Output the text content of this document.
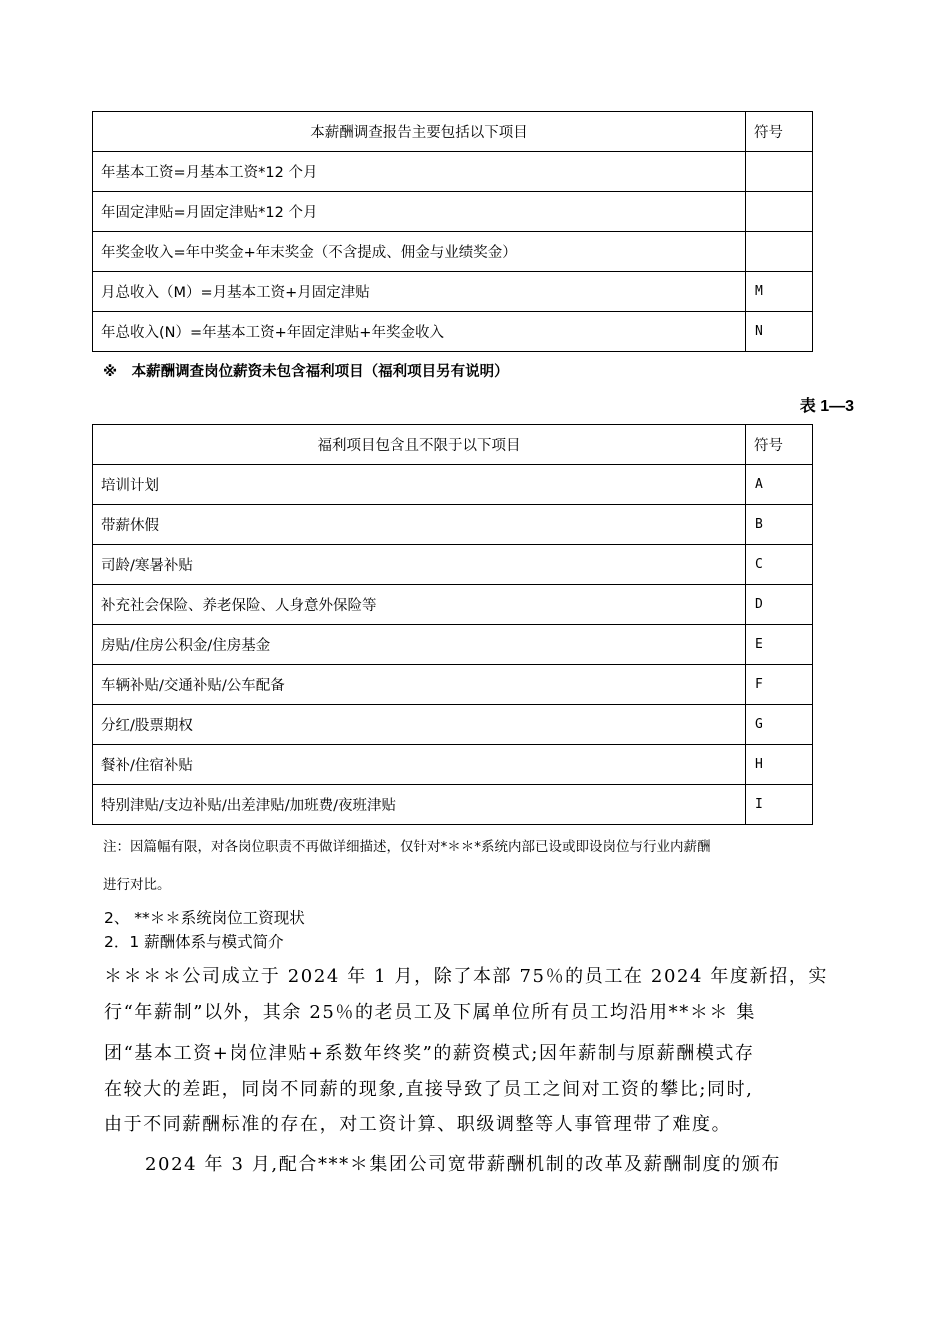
本薪酬调查报告主要包括以下项目	符号
年基本工资=月基本工资*12 个月	
年固定津贴=月固定津贴*12 个月	
年奖金收入=年中奖金+年末奖金（不含提成、佣金与业绩奖金）	
月总收入（M）=月基本工资+月固定津贴	M
年总收入(N）=年基本工资+年固定津贴+年奖金收入	N
※　本薪酬调查岗位薪资未包含福利项目（福利项目另有说明）
表 1—3
福利项目包含且不限于以下项目	符号
培训计划	A
带薪休假	B
司龄/寒暑补贴	C
补充社会保险、养老保险、人身意外保险等	D
房贴/住房公积金/住房基金	E
车辆补贴/交通补贴/公车配备	F
分红/股票期权	G
餐补/住宿补贴	H
特别津贴/支边补贴/出差津贴/加班费/夜班津贴	I
注：因篇幅有限，对各岗位职责不再做详细描述，仅针对*＊＊*系统内部已设或即设岗位与行业内薪酬
进行对比。
2、 **＊＊系统岗位工资现状
2．1 薪酬体系与模式简介
＊＊＊＊公司成立于 2024 年 1 月，除了本部 75％的员工在 2024 年度新招，实
行“年薪制”以外，其余 25％的老员工及下属单位所有员工均沿用**＊＊ 集
团“基本工资+岗位津贴+系数年终奖”的薪资模式;因年薪制与原薪酬模式存
在较大的差距，同岗不同薪的现象,直接导致了员工之间对工资的攀比;同时,
由于不同薪酬标准的存在，对工资计算、职级调整等人事管理带了难度。
2024 年 3 月,配合***＊集团公司宽带薪酬机制的改革及薪酬制度的颁布
